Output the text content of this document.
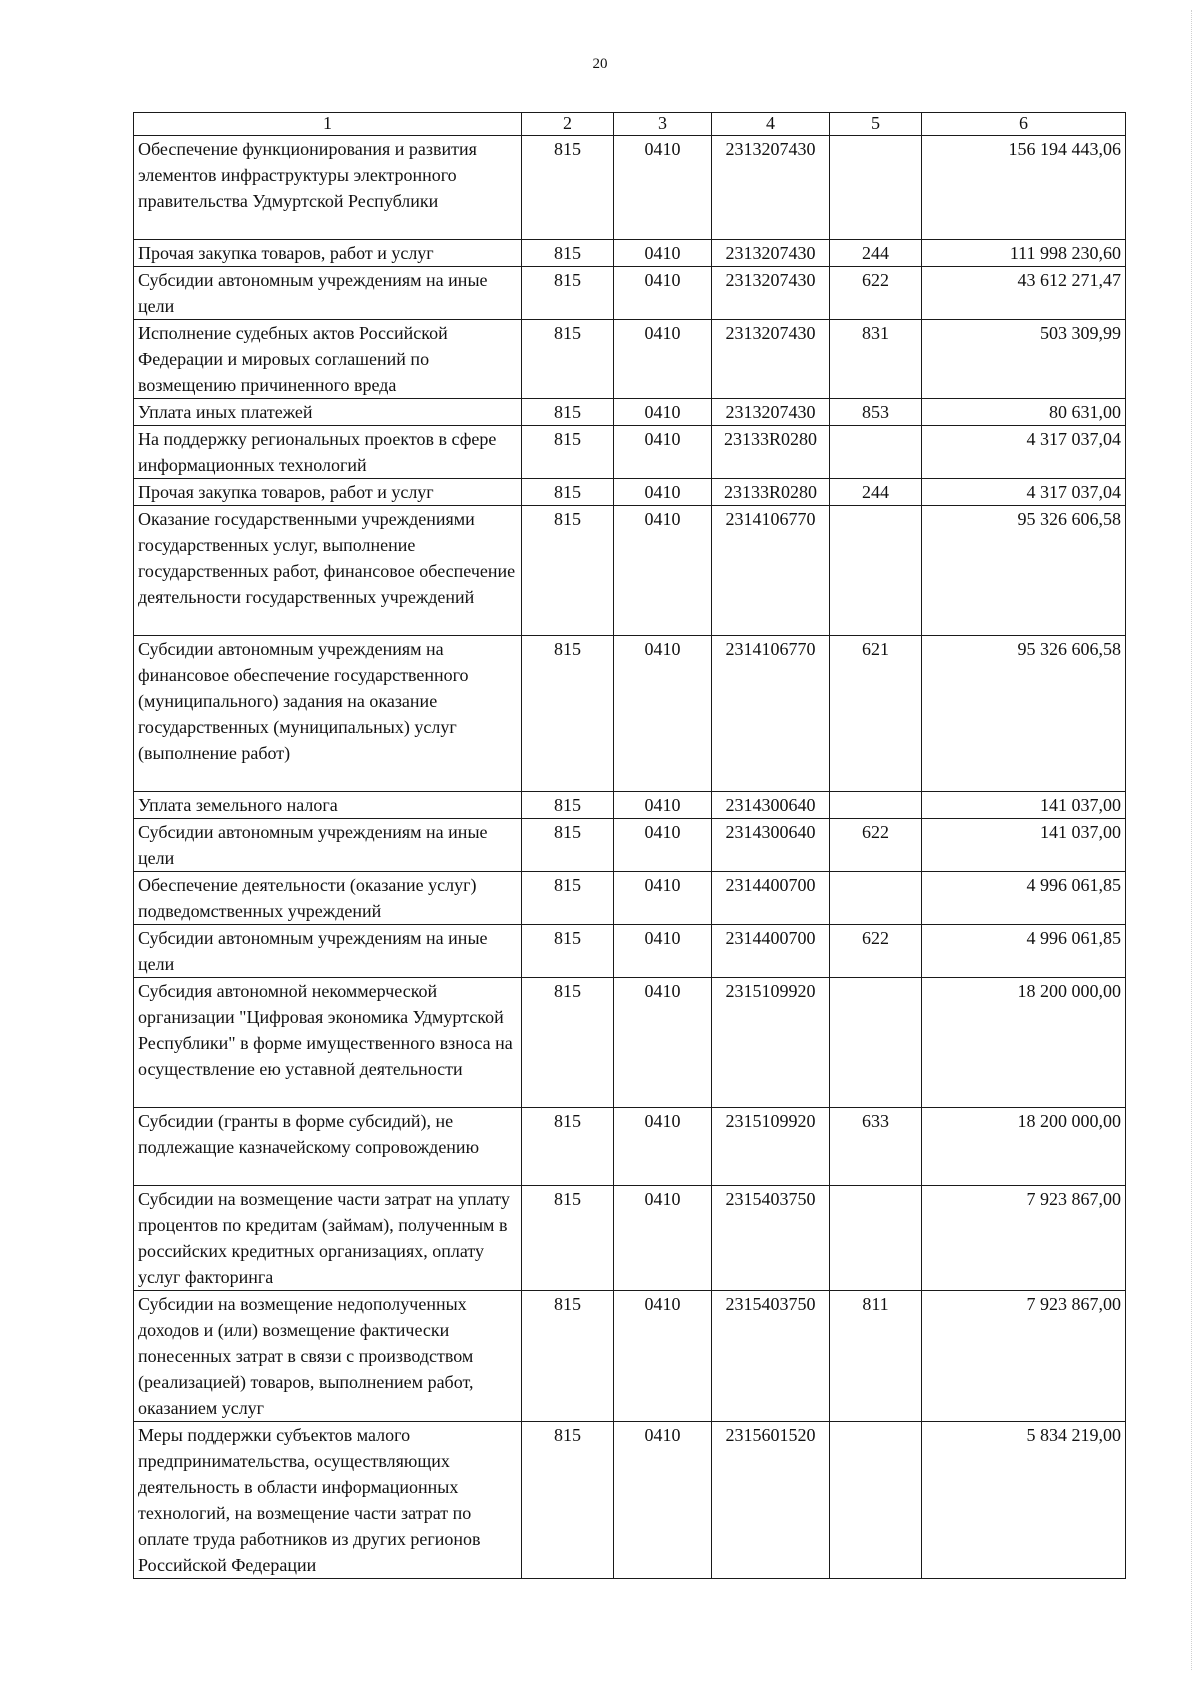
20
1	2	3	4	5	6
Обеспечение функционирования и развития элементов инфраструктуры электронного правительства Удмуртской Республики	815	0410	2313207430		156 194 443,06
Прочая закупка товаров, работ и услуг	815	0410	2313207430	244	111 998 230,60
Субсидии автономным учреждениям на иные цели	815	0410	2313207430	622	43 612 271,47
Исполнение судебных актов Российской Федерации и мировых соглашений по возмещению причиненного вреда	815	0410	2313207430	831	503 309,99
Уплата иных платежей	815	0410	2313207430	853	80 631,00
На поддержку региональных проектов в сфере информационных технологий	815	0410	23133R0280		4 317 037,04
Прочая закупка товаров, работ и услуг	815	0410	23133R0280	244	4 317 037,04
Оказание государственными учреждениями государственных услуг, выполнение государственных работ, финансовое обеспечение деятельности государственных учреждений	815	0410	2314106770		95 326 606,58
Субсидии автономным учреждениям на финансовое обеспечение государственного (муниципального) задания на оказание государственных (муниципальных) услуг (выполнение работ)	815	0410	2314106770	621	95 326 606,58
Уплата земельного налога	815	0410	2314300640		141 037,00
Субсидии автономным учреждениям на иные цели	815	0410	2314300640	622	141 037,00
Обеспечение деятельности (оказание услуг) подведомственных учреждений	815	0410	2314400700		4 996 061,85
Субсидии автономным учреждениям на иные цели	815	0410	2314400700	622	4 996 061,85
Субсидия автономной некоммерческой организации "Цифровая экономика Удмуртской Республики" в форме имущественного взноса на осуществление ею уставной деятельности	815	0410	2315109920		18 200 000,00
Субсидии (гранты в форме субсидий), не подлежащие казначейскому сопровождению	815	0410	2315109920	633	18 200 000,00
Субсидии на возмещение части затрат на уплату процентов по кредитам (займам), полученным в российских кредитных организациях, оплату услуг факторинга	815	0410	2315403750		7 923 867,00
Субсидии на возмещение недополученных доходов и (или) возмещение фактически понесенных затрат в связи с производством (реализацией) товаров, выполнением работ, оказанием услуг	815	0410	2315403750	811	7 923 867,00
Меры поддержки субъектов малого предпринимательства, осуществляющих деятельность в области информационных технологий, на возмещение части затрат по оплате труда работников из других регионов Российской Федерации	815	0410	2315601520		5 834 219,00
